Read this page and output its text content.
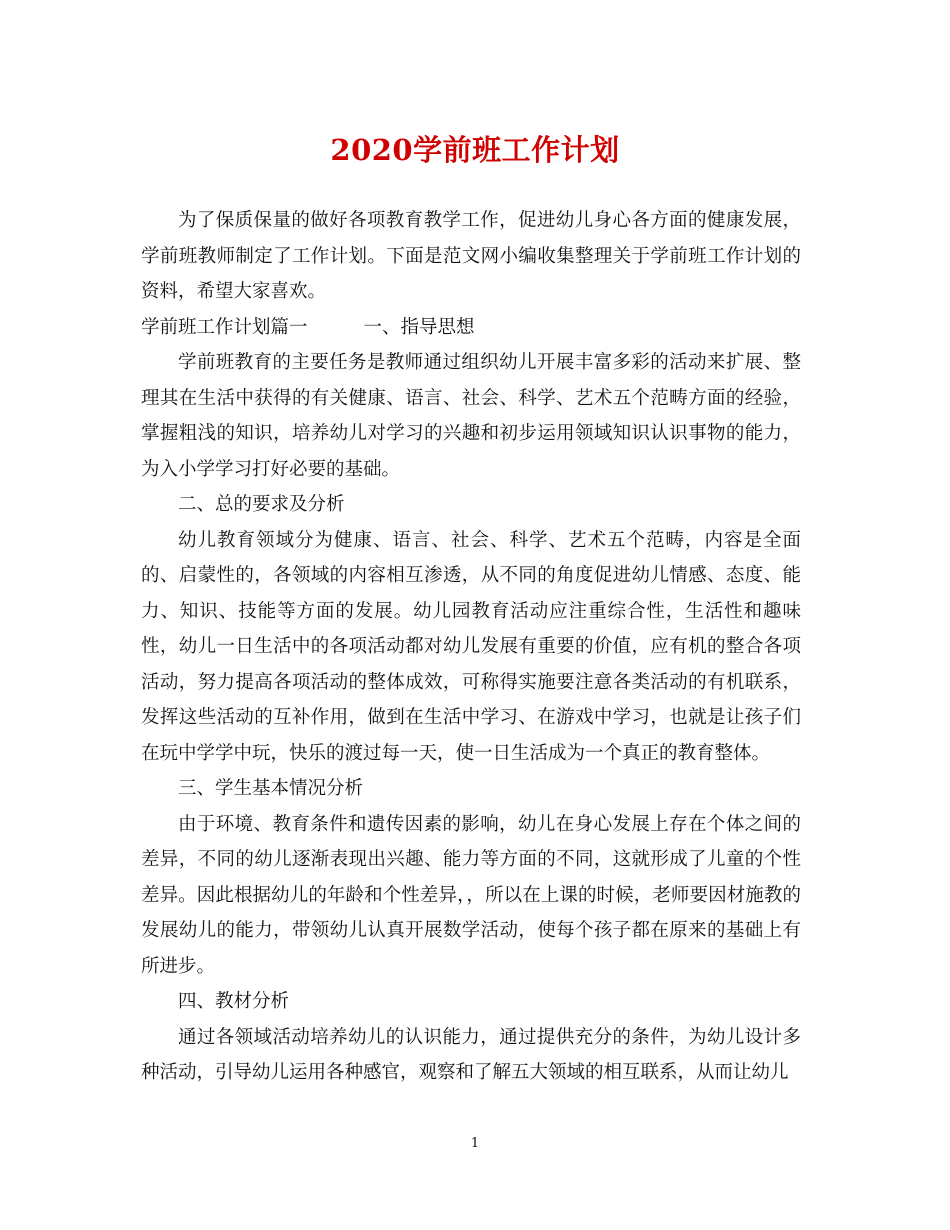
2020学前班工作计划

为了保质保量的做好各项教育教学工作，促进幼儿身心各方面的健康发展，学前班教师制定了工作计划。下面是范文网小编收集整理关于学前班工作计划的资料，希望大家喜欢。

学前班工作计划篇一	一、指导思想

学前班教育的主要任务是教师通过组织幼儿开展丰富多彩的活动来扩展、整理其在生活中获得的有关健康、语言、社会、科学、艺术五个范畴方面的经验，掌握粗浅的知识，培养幼儿对学习的兴趣和初步运用领域知识认识事物的能力，为入小学学习打好必要的基础。

二、总的要求及分析

幼儿教育领域分为健康、语言、社会、科学、艺术五个范畴，内容是全面的、启蒙性的，各领域的内容相互渗透，从不同的角度促进幼儿情感、态度、能力、知识、技能等方面的发展。幼儿园教育活动应注重综合性，生活性和趣味性，幼儿一日生活中的各项活动都对幼儿发展有重要的价值，应有机的整合各项活动，努力提高各项活动的整体成效，可称得实施要注意各类活动的有机联系，发挥这些活动的互补作用，做到在生活中学习、在游戏中学习，也就是让孩子们在玩中学学中玩，快乐的渡过每一天，使一日生活成为一个真正的教育整体。

三、学生基本情况分析

由于环境、教育条件和遗传因素的影响，幼儿在身心发展上存在个体之间的差异，不同的幼儿逐渐表现出兴趣、能力等方面的不同，这就形成了儿童的个性差异。因此根据幼儿的年龄和个性差异，，所以在上课的时候，老师要因材施教的发展幼儿的能力，带领幼儿认真开展数学活动，使每个孩子都在原来的基础上有所进步。

四、教材分析

通过各领域活动培养幼儿的认识能力，通过提供充分的条件，为幼儿设计多种活动，引导幼儿运用各种感官，观察和了解五大领域的相互联系，从而让幼儿

1
